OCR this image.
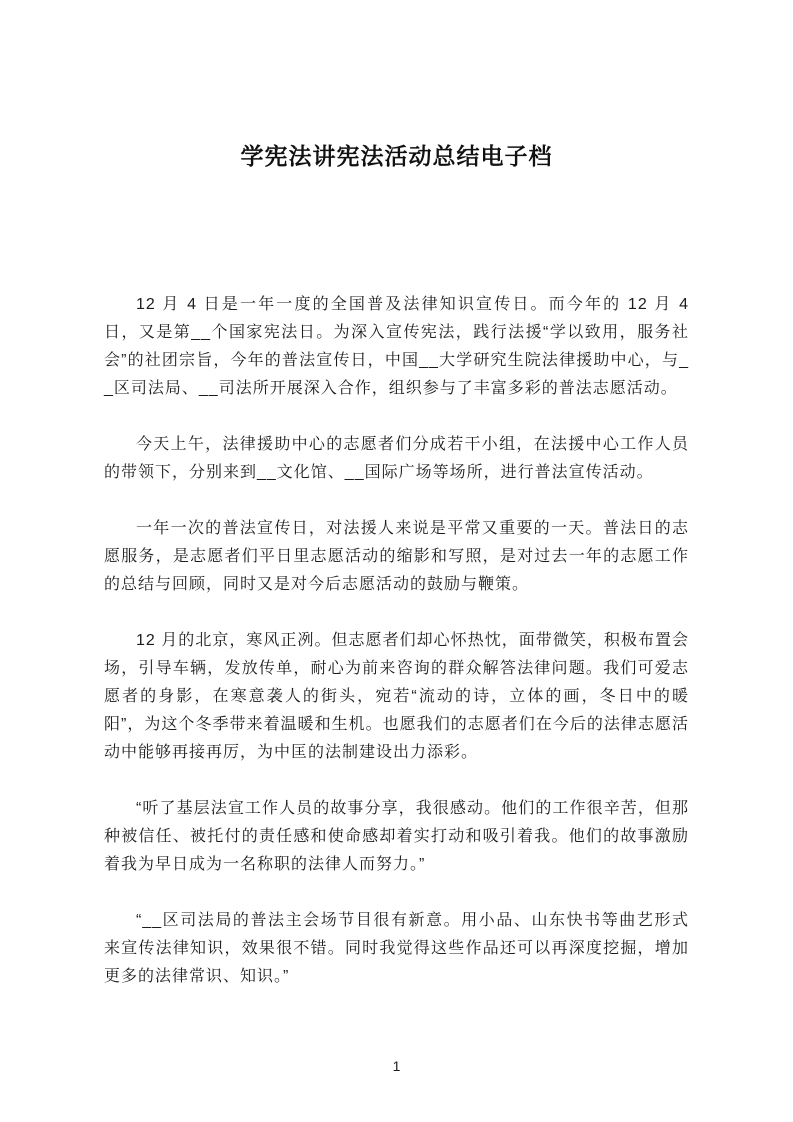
学宪法讲宪法活动总结电子档

12 月 4 日是一年一度的全国普及法律知识宣传日。而今年的 12 月 4 日，又是第__个国家宪法日。为深入宣传宪法，践行法援“学以致用，服务社会”的社团宗旨，今年的普法宣传日，中国__大学研究生院法律援助中心，与__区司法局、__司法所开展深入合作，组织参与了丰富多彩的普法志愿活动。

今天上午，法律援助中心的志愿者们分成若干小组，在法援中心工作人员的带领下，分别来到__文化馆、__国际广场等场所，进行普法宣传活动。

一年一次的普法宣传日，对法援人来说是平常又重要的一天。普法日的志愿服务，是志愿者们平日里志愿活动的缩影和写照，是对过去一年的志愿工作的总结与回顾，同时又是对今后志愿活动的鼓励与鞭策。

12 月的北京，寒风正冽。但志愿者们却心怀热忱，面带微笑，积极布置会场，引导车辆，发放传单，耐心为前来咨询的群众解答法律问题。我们可爱志愿者的身影，在寒意袭人的街头，宛若“流动的诗，立体的画，冬日中的暖阳”，为这个冬季带来着温暖和生机。也愿我们的志愿者们在今后的法律志愿活动中能够再接再厉，为中匡的法制建设出力添彩。

“听了基层法宣工作人员的故事分享，我很感动。他们的工作很辛苦，但那种被信任、被托付的责任感和使命感却着实打动和吸引着我。他们的故事激励着我为早日成为一名称职的法律人而努力。”

“__区司法局的普法主会场节目很有新意。用小品、山东快书等曲艺形式来宣传法律知识，效果很不错。同时我觉得这些作品还可以再深度挖掘，增加更多的法律常识、知识。”

1
